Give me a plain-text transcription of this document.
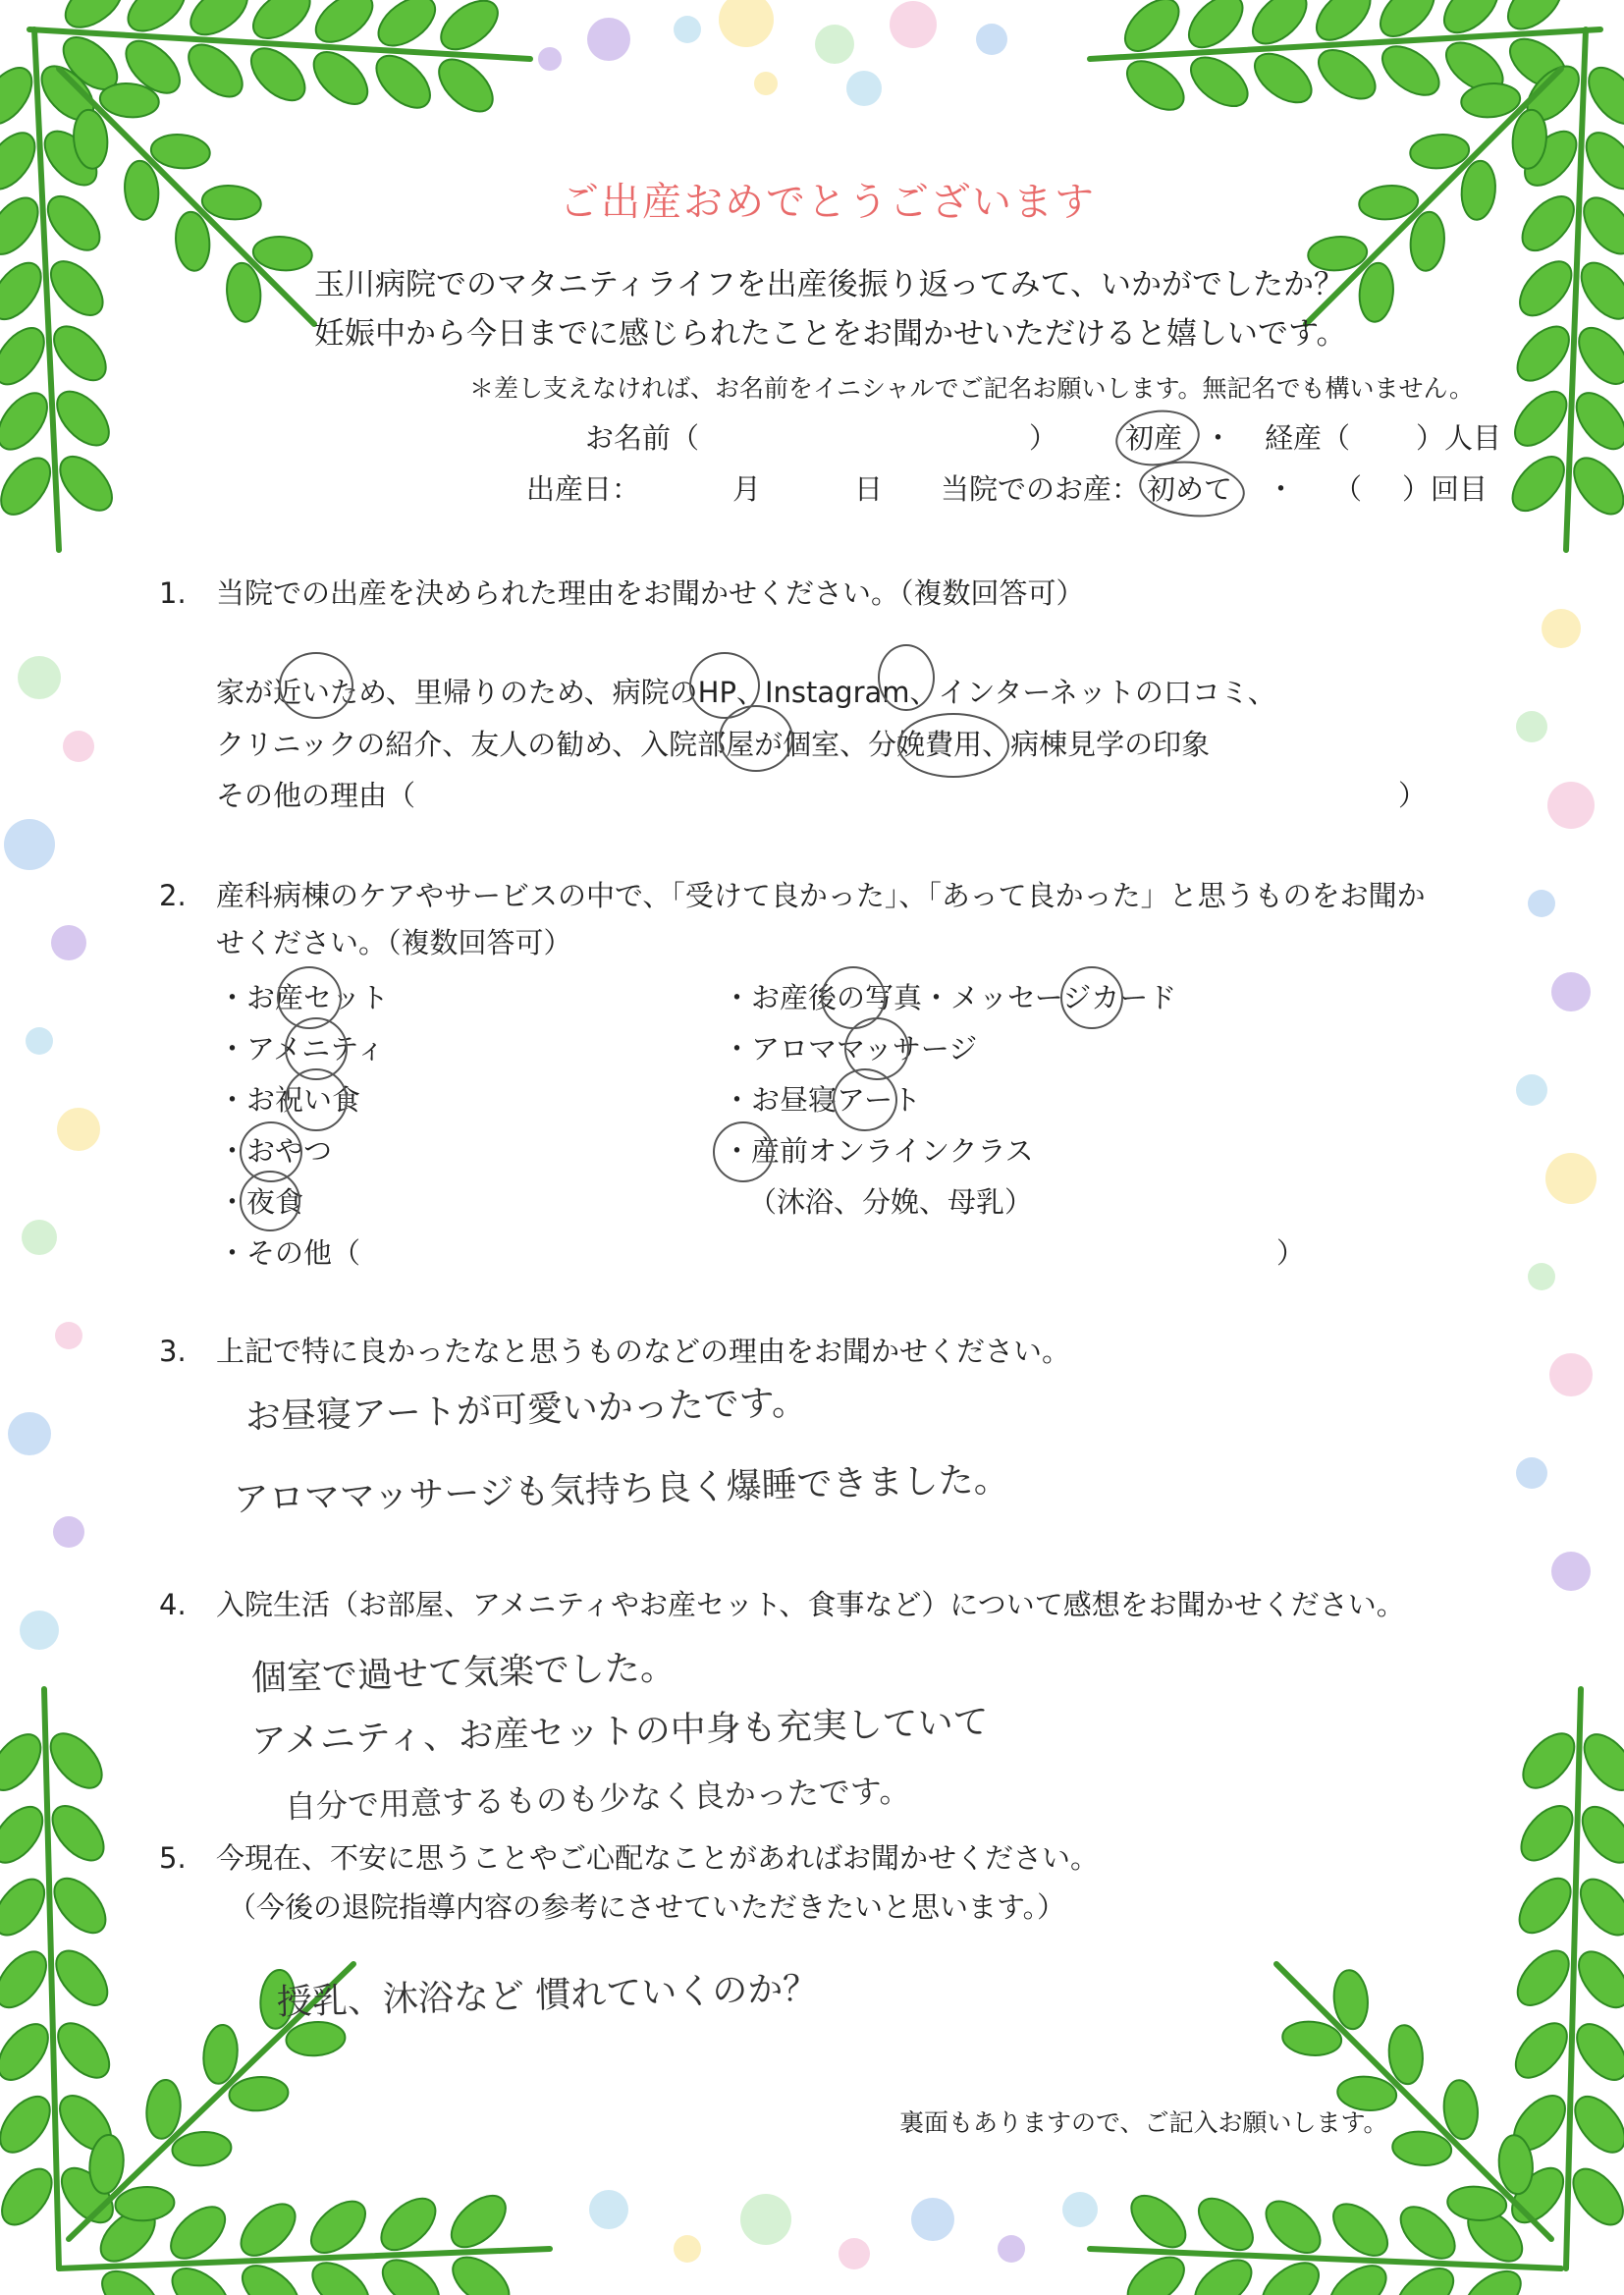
ご出産おめでとうございます
玉川病院でのマタニティライフを出産後振り返ってみて、いかがでしたか？
妊娠中から今日までに感じられたことをお聞かせいただけると嬉しいです。
＊差し支えなければ、お名前をイニシャルでご記名お願いします。無記名でも構いません。
お名前（	） 初産 ・ 経産（ ）人目
出産日：	月	日 当院でのお産： 初めて ・ （ ）回目
1. 当院での出産を決められた理由をお聞かせください。（複数回答可）
家が近いため、里帰りのため、病院のHP、Instagram、インターネットの口コミ、
クリニックの紹介、友人の勧め、入院部屋が個室、分娩費用、病棟見学の印象
その他の理由（	）
2. 産科病棟のケアやサービスの中で、「受けて良かった」、「あって良かった」と思うものをお聞か
せください。（複数回答可）
・お産セット
・アメニティ
・お祝い食
・おやつ
・夜食
・その他（	）
・お産後の写真・メッセージカード
・アロママッサージ
・お昼寝アート
・産前オンラインクラス
（沐浴、分娩、母乳）
3. 上記で特に良かったなと思うものなどの理由をお聞かせください。
お昼寝アートが可愛いかったです。
アロママッサージも気持ち良く爆睡できました。
4. 入院生活（お部屋、アメニティやお産セット、食事など）について感想をお聞かせください。
個室で過せて気楽でした。
アメニティ、お産セットの中身も充実していて
自分で用意するものも少なく良かったです。
5. 今現在、不安に思うことやご心配なことがあればお聞かせください。
（今後の退院指導内容の参考にさせていただきたいと思います。）
授乳、沐浴など 慣れていくのか？
裏面もありますので、ご記入お願いします。
